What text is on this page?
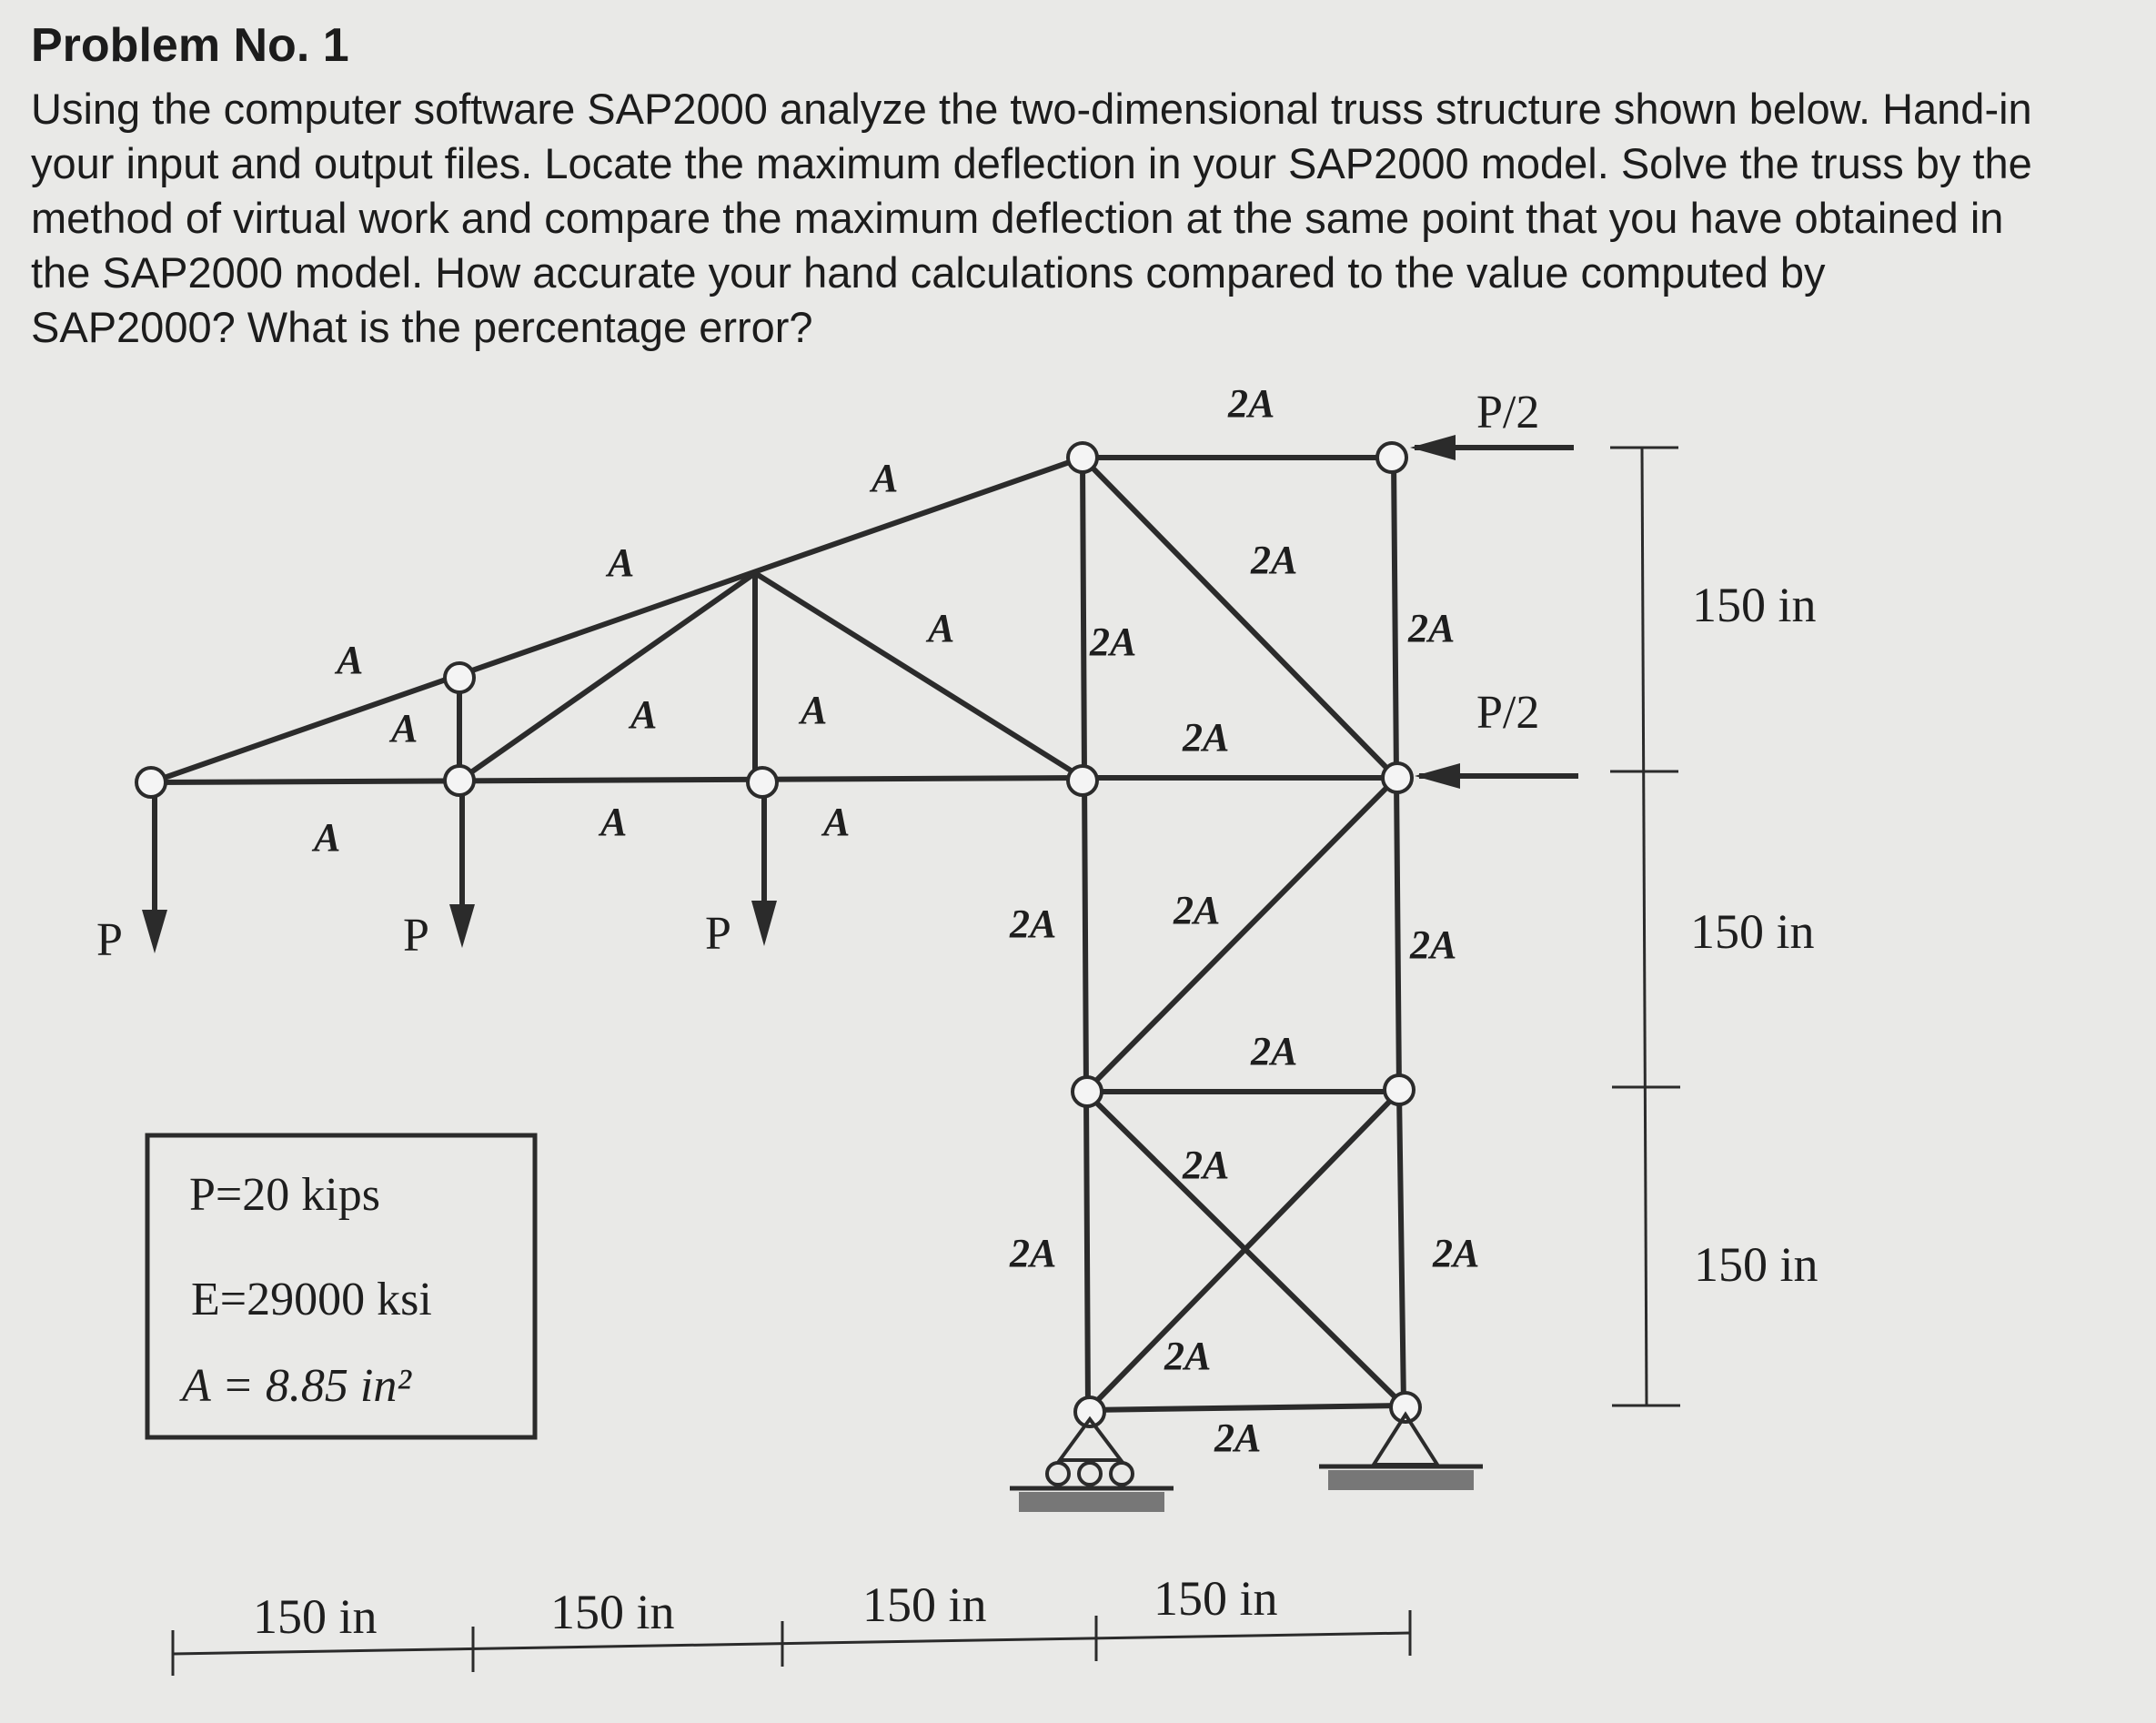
Problem No. 1

Using the computer software SAP2000 analyze the two-dimensional truss structure shown below. Hand-in your input and output files. Locate the maximum deflection in your SAP2000 model. Solve the truss by the method of virtual work and compare the maximum deflection at the same point that you have obtained in the SAP2000 model. How accurate your hand calculations compared to the value computed by SAP2000? What is the percentage error?

P	P	P
P/2
P/2
A
A
A
A
A
A
A
A
A
A
2A
2A
2A	2A
2A
2A	2A
2A
2A
2A
2A	2A
2A
2A
150 in	150 in	150 in	150 in
150 in
150 in
150 in
P=20 kips
E=29000 ksi
A = 8.85 in²
